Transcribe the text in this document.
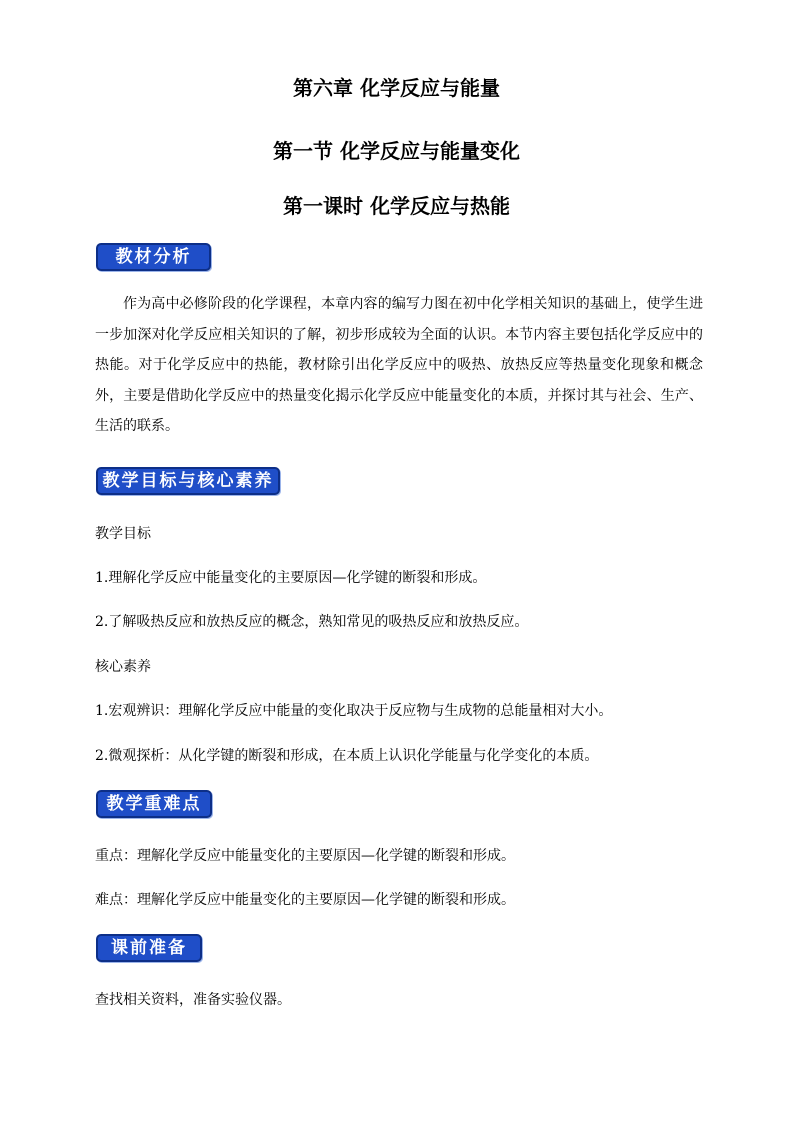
第六章 化学反应与能量
第一节 化学反应与能量变化
第一课时 化学反应与热能
教材分析
作为高中必修阶段的化学课程，本章内容的编写力图在初中化学相关知识的基础上，使学生进一步加深对化学反应相关知识的了解，初步形成较为全面的认识。本节内容主要包括化学反应中的热能。对于化学反应中的热能，教材除引出化学反应中的吸热、放热反应等热量变化现象和概念外，主要是借助化学反应中的热量变化揭示化学反应中能量变化的本质，并探讨其与社会、生产、生活的联系。
教学目标与核心素养
教学目标
1.理解化学反应中能量变化的主要原因—化学键的断裂和形成。
2.了解吸热反应和放热反应的概念，熟知常见的吸热反应和放热反应。
核心素养
1.宏观辨识：理解化学反应中能量的变化取决于反应物与生成物的总能量相对大小。
2.微观探析：从化学键的断裂和形成，在本质上认识化学能量与化学变化的本质。
教学重难点
重点：理解化学反应中能量变化的主要原因—化学键的断裂和形成。
难点：理解化学反应中能量变化的主要原因—化学键的断裂和形成。
课前准备
查找相关资料，准备实验仪器。
